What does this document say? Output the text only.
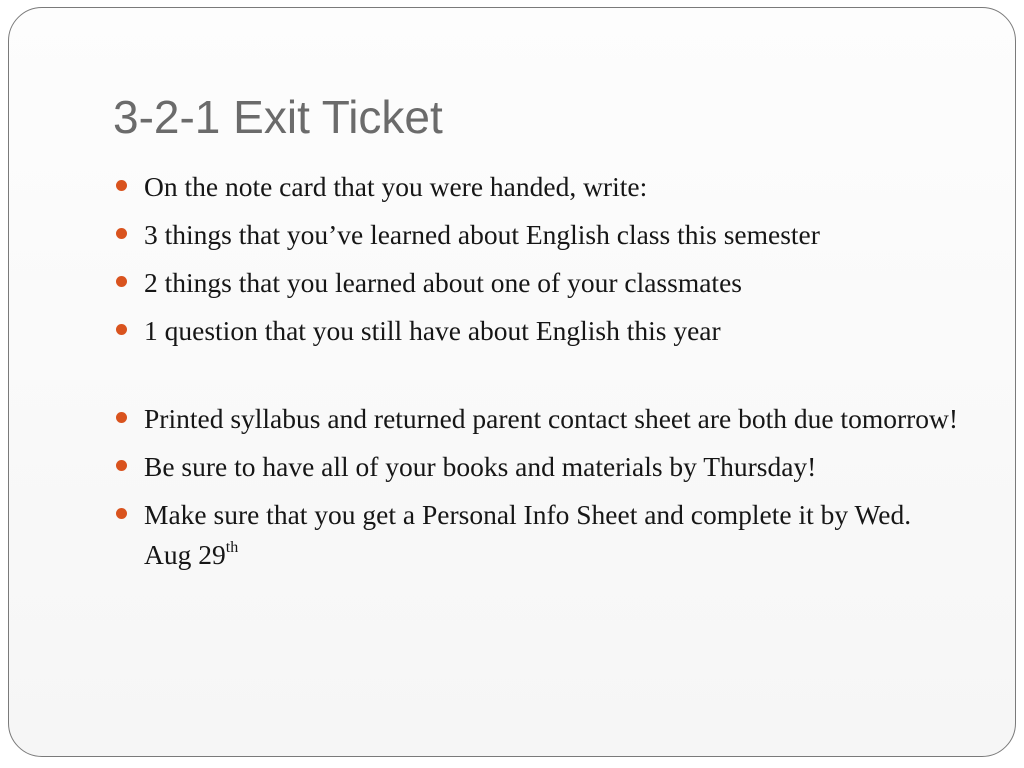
3-2-1 Exit Ticket
On the note card that you were handed, write:
3 things that you’ve learned about English class this semester
2 things that you learned about one of your classmates
1 question that you still have about English this year
Printed syllabus and returned parent contact sheet are both due tomorrow!
Be sure to have all of your books and materials by Thursday!
Make sure that you get a Personal Info Sheet and complete it by Wed. Aug 29th
